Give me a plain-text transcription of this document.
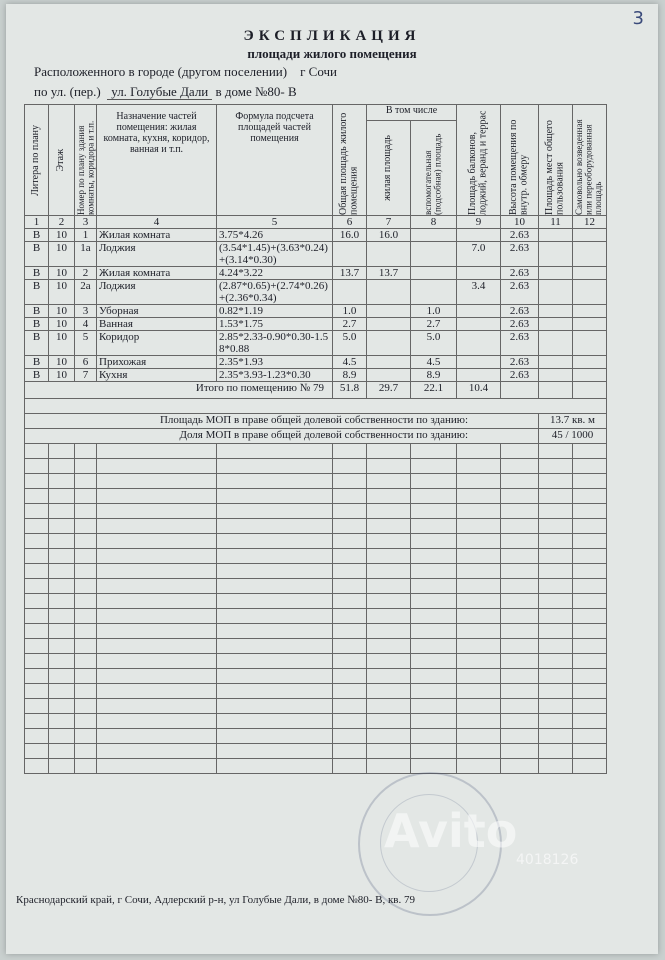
3
ЭКСПЛИКАЦИЯ
площади жилого помещения
Расположенного в городе (другом поселении) г Сочи
по ул. (пер.) ул. Голубые Дали в доме №80- В
Литера по плану	Этаж	Номер по плану здания комнаты, коридора и т.п.	Назначение частей помещения: жилая комната, кухня, коридор, ванная и т.п.	Формула подсчета площадей частей помещения	Общая площадь жилого помещения	В том числе		Площадь балконов, лоджий, веранд и террас	Высота помещения по внутр. обмеру	Площадь мест общего пользования	Самовольно возведенная или переоборудованная площадь

						жилая площадь	вспомогательная (подсобная) площадь				

1	2	3	4	5	6	7	8	9	10	11	12
В	10	1	Жилая комната	3.75*4.26	16.0	16.0			2.63		
В	10	1а	Лоджия	(3.54*1.45)+(3.63*0.24)+(3.14*0.30)				7.0	2.63		
В	10	2	Жилая комната	4.24*3.22	13.7	13.7			2.63		
В	10	2а	Лоджия	(2.87*0.65)+(2.74*0.26)+(2.36*0.34)				3.4	2.63		
В	10	3	Уборная	0.82*1.19	1.0		1.0		2.63		
В	10	4	Ванная	1.53*1.75	2.7		2.7		2.63		
В	10	5	Коридор	2.85*2.33-0.90*0.30-1.58*0.88	5.0		5.0		2.63		
В	10	6	Прихожая	2.35*1.93	4.5		4.5		2.63		
В	10	7	Кухня	2.35*3.93-1.23*0.30	8.9		8.9		2.63		
Итого по помещению № 79					51.8	29.7	22.1	10.4			

Площадь МОП в праве общей долевой собственности по зданию:										13.7 кв. м	
Доля МОП в праве общей долевой собственности по зданию:										45 / 1000	

Avito
4018126
Краснодарский край, г Сочи, Адлерский р-н, ул Голубые Дали, в доме №80- В, кв. 79
